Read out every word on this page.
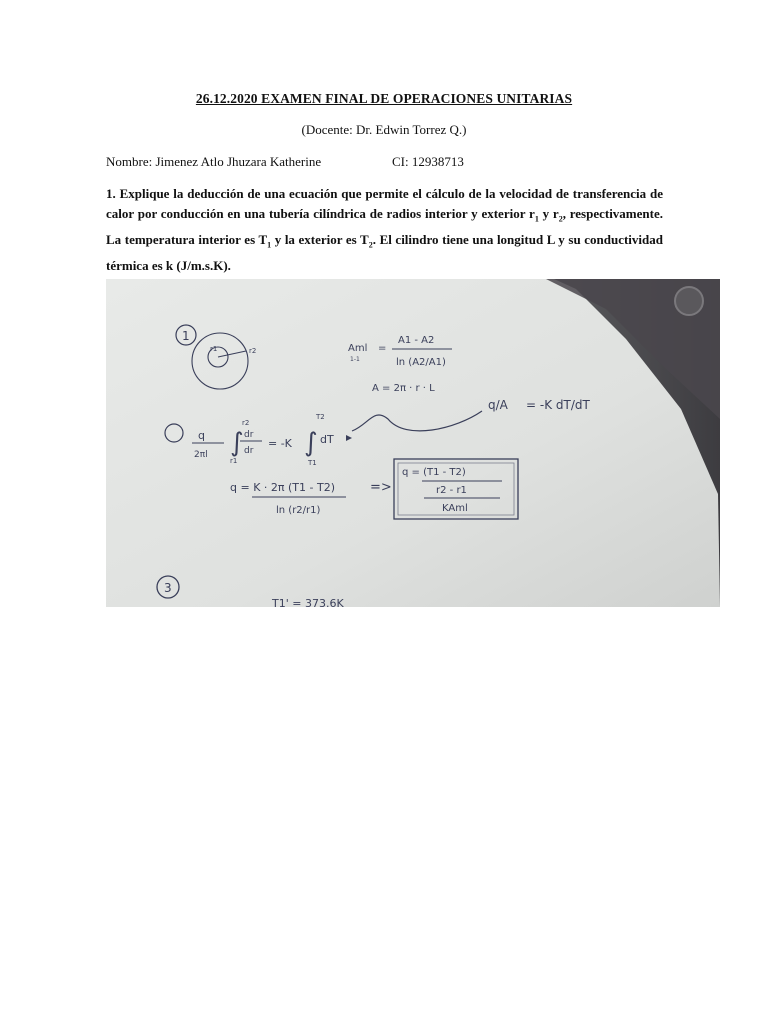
26.12.2020 EXAMEN FINAL DE OPERACIONES UNITARIAS
(Docente: Dr. Edwin Torrez Q.)
Nombre: Jimenez Atlo Jhuzara Katherine	CI: 12938713
1. Explique la deducción de una ecuación que permite el cálculo de la velocidad de transferencia de calor por conducción en una tubería cilíndrica de radios interior y exterior $r_1$ y $r_2$, respectivamente. La temperatura interior es $T_1$ y la exterior es $T_2$. El cilindro tiene una longitud L y su conductividad térmica es k (J/m.s.K).
1
r2
r1	Aml
1-1
=
A1 - A2
ln (A2/A1)
A = 2π · r · L
q/A = -K dT/dT
q
2πl ∫
r2
r1
dr
dr
= -K ∫
T2
T1
dT
q = K · 2π (T1 - T2)
ln (r2/r1)
=>
q = (T1 - T2)
r2 - r1
KAml
3
T1' = 373.6K
